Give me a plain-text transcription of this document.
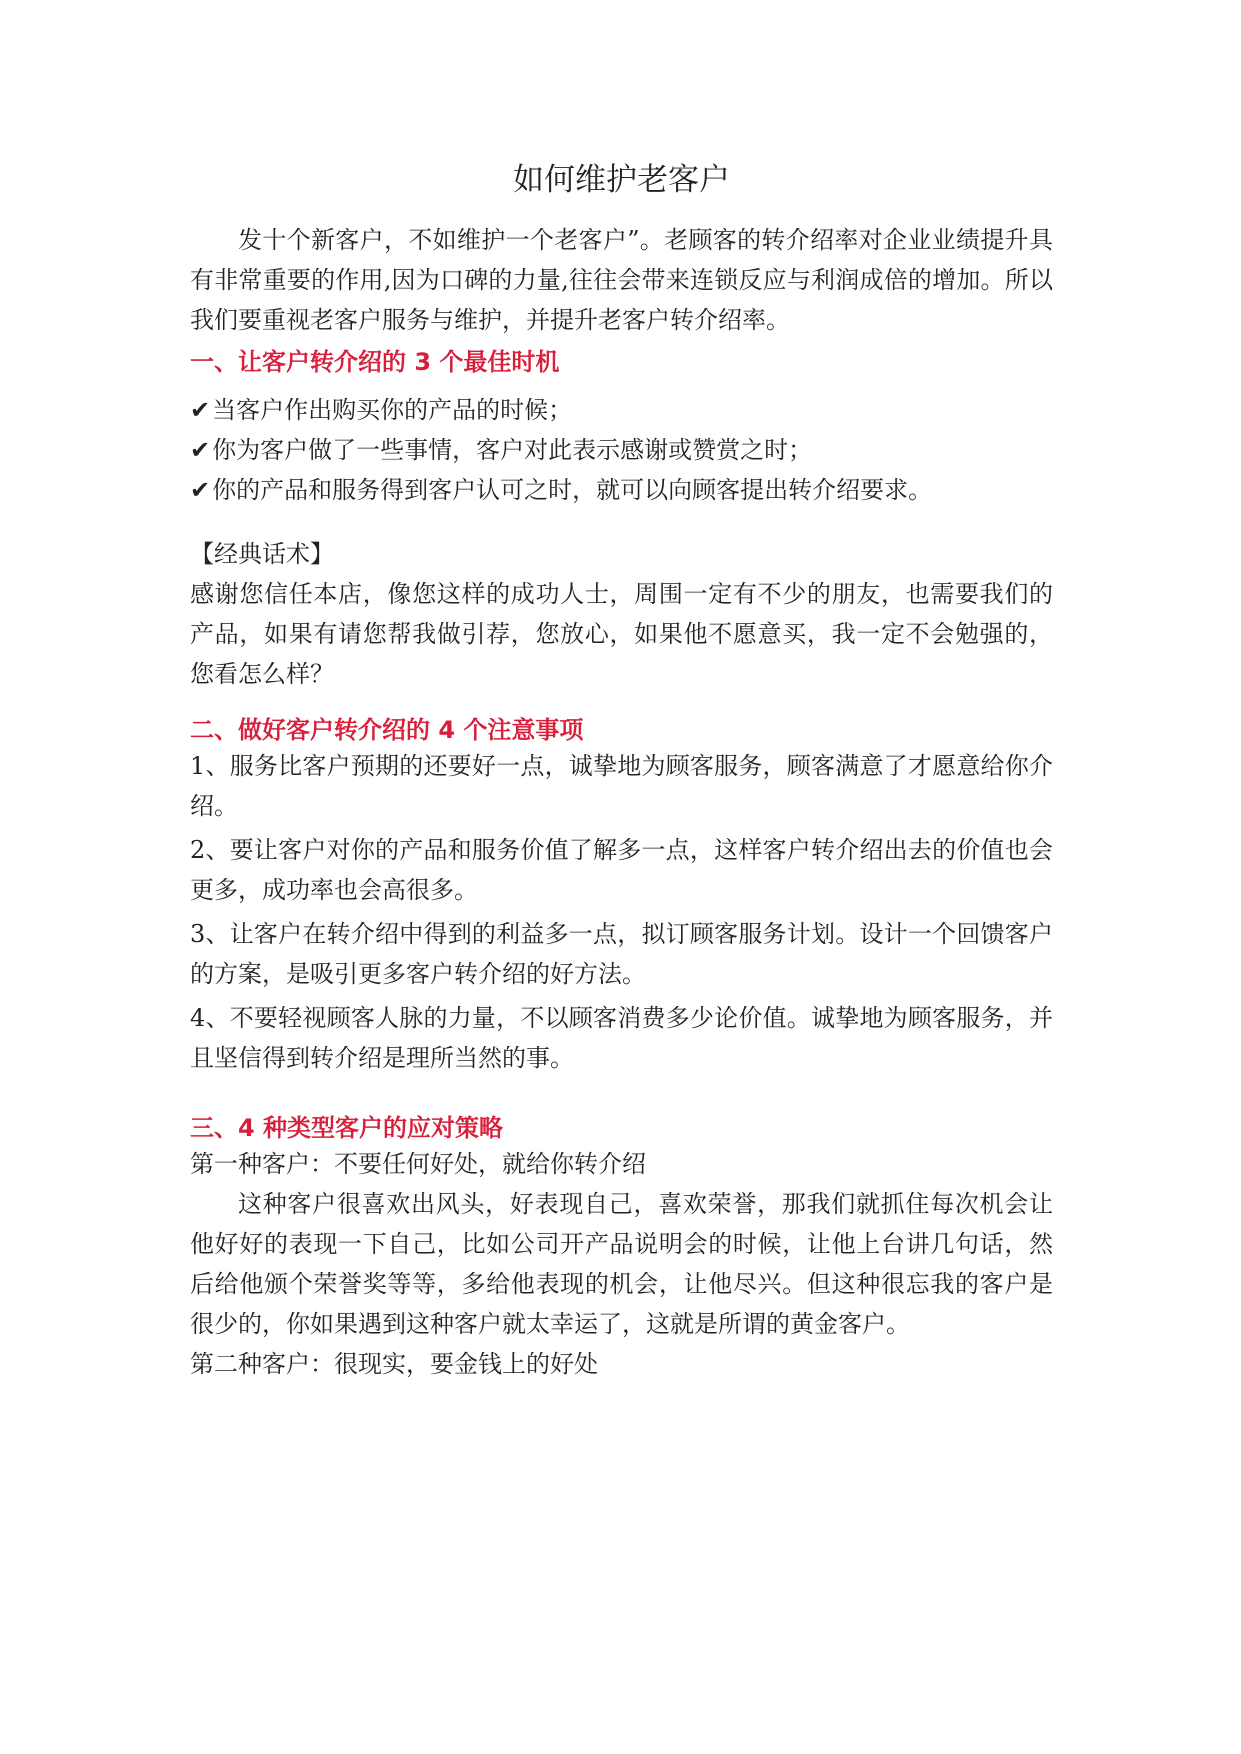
如何维护老客户

发十个新客户，不如维护一个老客户”。老顾客的转介绍率对企业业绩提升具有非常重要的作用,因为口碑的力量,往往会带来连锁反应与利润成倍的增加。所以我们要重视老客户服务与维护，并提升老客户转介绍率。

一、让客户转介绍的 3 个最佳时机
✔当客户作出购买你的产品的时候；
✔你为客户做了一些事情，客户对此表示感谢或赞赏之时；
✔你的产品和服务得到客户认可之时，就可以向顾客提出转介绍要求。
【经典话术】

感谢您信任本店，像您这样的成功人士，周围一定有不少的朋友，也需要我们的产品，如果有请您帮我做引荐，您放心，如果他不愿意买，我一定不会勉强的，您看怎么样？

二、做好客户转介绍的 4 个注意事项

1、服务比客户预期的还要好一点，诚挚地为顾客服务，顾客满意了才愿意给你介绍。

2、要让客户对你的产品和服务价值了解多一点，这样客户转介绍出去的价值也会更多，成功率也会高很多。

3、让客户在转介绍中得到的利益多一点，拟订顾客服务计划。设计一个回馈客户的方案，是吸引更多客户转介绍的好方法。

4、不要轻视顾客人脉的力量，不以顾客消费多少论价值。诚挚地为顾客服务，并且坚信得到转介绍是理所当然的事。

三、4 种类型客户的应对策略
第一种客户：不要任何好处，就给你转介绍

这种客户很喜欢出风头，好表现自己，喜欢荣誉，那我们就抓住每次机会让他好好的表现一下自己，比如公司开产品说明会的时候，让他上台讲几句话，然后给他颁个荣誉奖等等，多给他表现的机会，让他尽兴。但这种很忘我的客户是很少的，你如果遇到这种客户就太幸运了，这就是所谓的黄金客户。

第二种客户：很现实，要金钱上的好处
